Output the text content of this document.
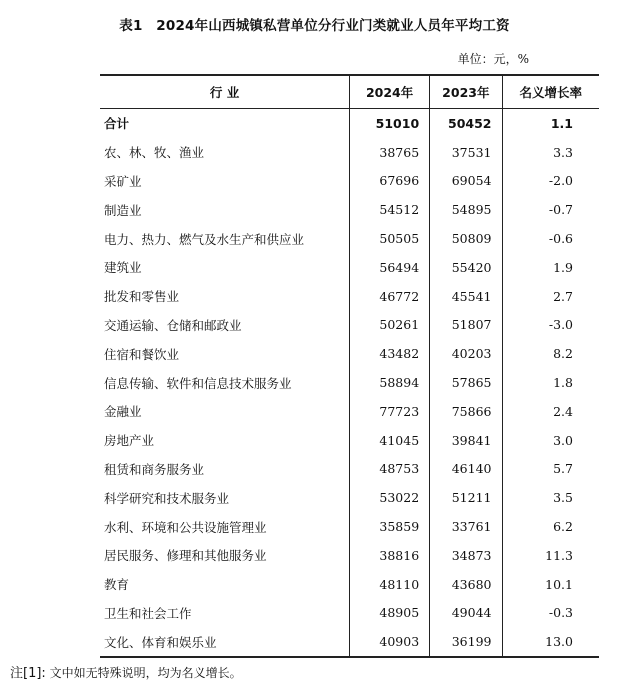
表1　2024年山西城镇私营单位分行业门类就业人员年平均工资
单位：元，%
行 业	2024年	2023年	名义增长率
合计	51010	50452	1.1
农、林、牧、渔业	38765	37531	3.3
采矿业	67696	69054	-2.0
制造业	54512	54895	-0.7
电力、热力、燃气及水生产和供应业	50505	50809	-0.6
建筑业	56494	55420	1.9
批发和零售业	46772	45541	2.7
交通运输、仓储和邮政业	50261	51807	-3.0
住宿和餐饮业	43482	40203	8.2
信息传输、软件和信息技术服务业	58894	57865	1.8
金融业	77723	75866	2.4
房地产业	41045	39841	3.0
租赁和商务服务业	48753	46140	5.7
科学研究和技术服务业	53022	51211	3.5
水利、环境和公共设施管理业	35859	33761	6.2
居民服务、修理和其他服务业	38816	34873	11.3
教育	48110	43680	10.1
卫生和社会工作	48905	49044	-0.3
文化、体育和娱乐业	40903	36199	13.0
注[1]: 文中如无特殊说明，均为名义增长。
